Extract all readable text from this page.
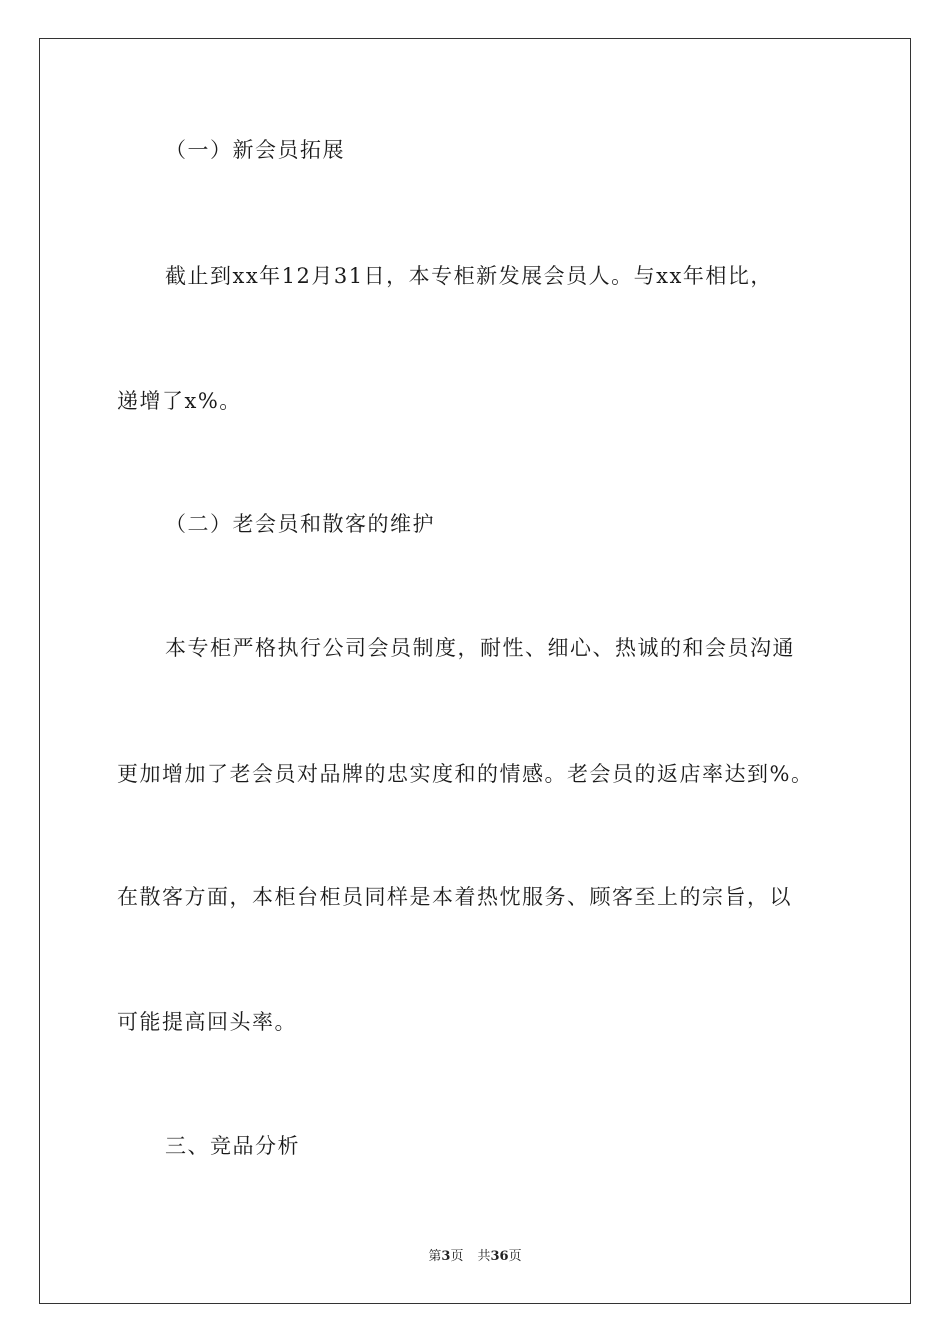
（一）新会员拓展
截止到xx年12月31日，本专柜新发展会员人。与xx年相比，
递增了x%。
（二）老会员和散客的维护
本专柜严格执行公司会员制度，耐性、细心、热诚的和会员沟通
更加增加了老会员对品牌的忠实度和的情感。老会员的返店率达到%。
在散客方面，本柜台柜员同样是本着热忱服务、顾客至上的宗旨，以
可能提高回头率。
三、竞品分析
第3页 共36页
